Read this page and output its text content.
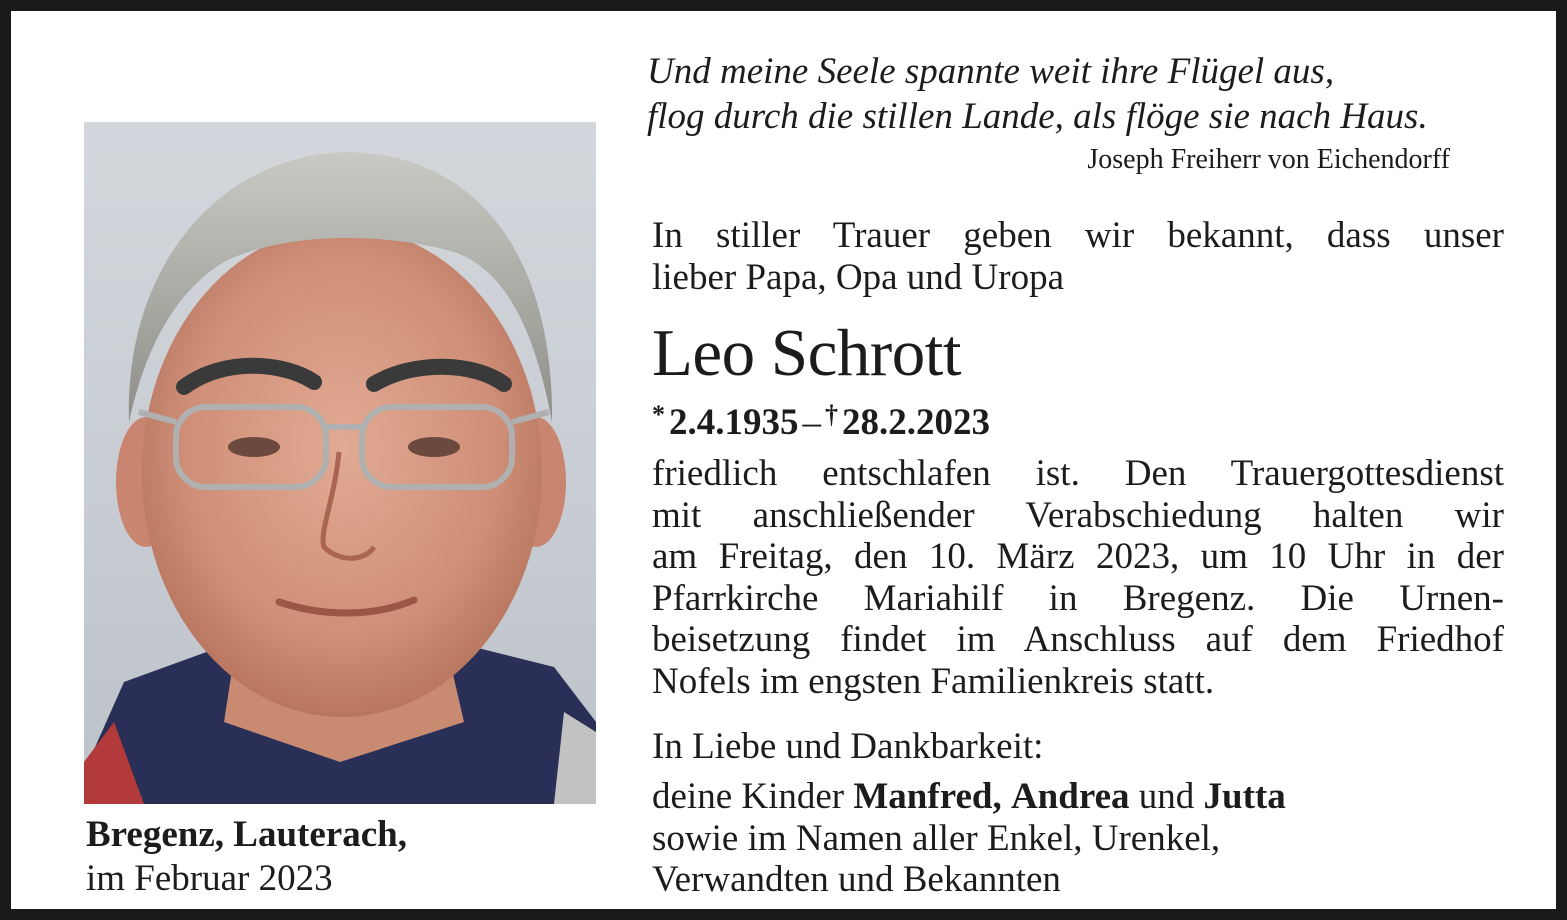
Bregenz, Lauterach,
im Februar 2023
Und meine Seele spannte weit ihre Flügel aus,
flog durch die stillen Lande, als flöge sie nach Haus.
Joseph Freiherr von Eichendorff
In stiller Trauer geben wir bekannt, dass unser
lieber Papa, Opa und Uropa
Leo Schrott
* 2.4.1935 – † 28.2.2023
friedlich entschlafen ist. Den Trauergottesdienst
mit anschließender Verabschiedung halten wir
am Freitag, den 10. März 2023, um 10 Uhr in der
Pfarrkirche Mariahilf in Bregenz. Die Urnen-
beisetzung findet im Anschluss auf dem Friedhof
Nofels im engsten Familienkreis statt.
In Liebe und Dankbarkeit:
deine Kinder Manfred, Andrea und Jutta
sowie im Namen aller Enkel, Urenkel,
Verwandten und Bekannten
